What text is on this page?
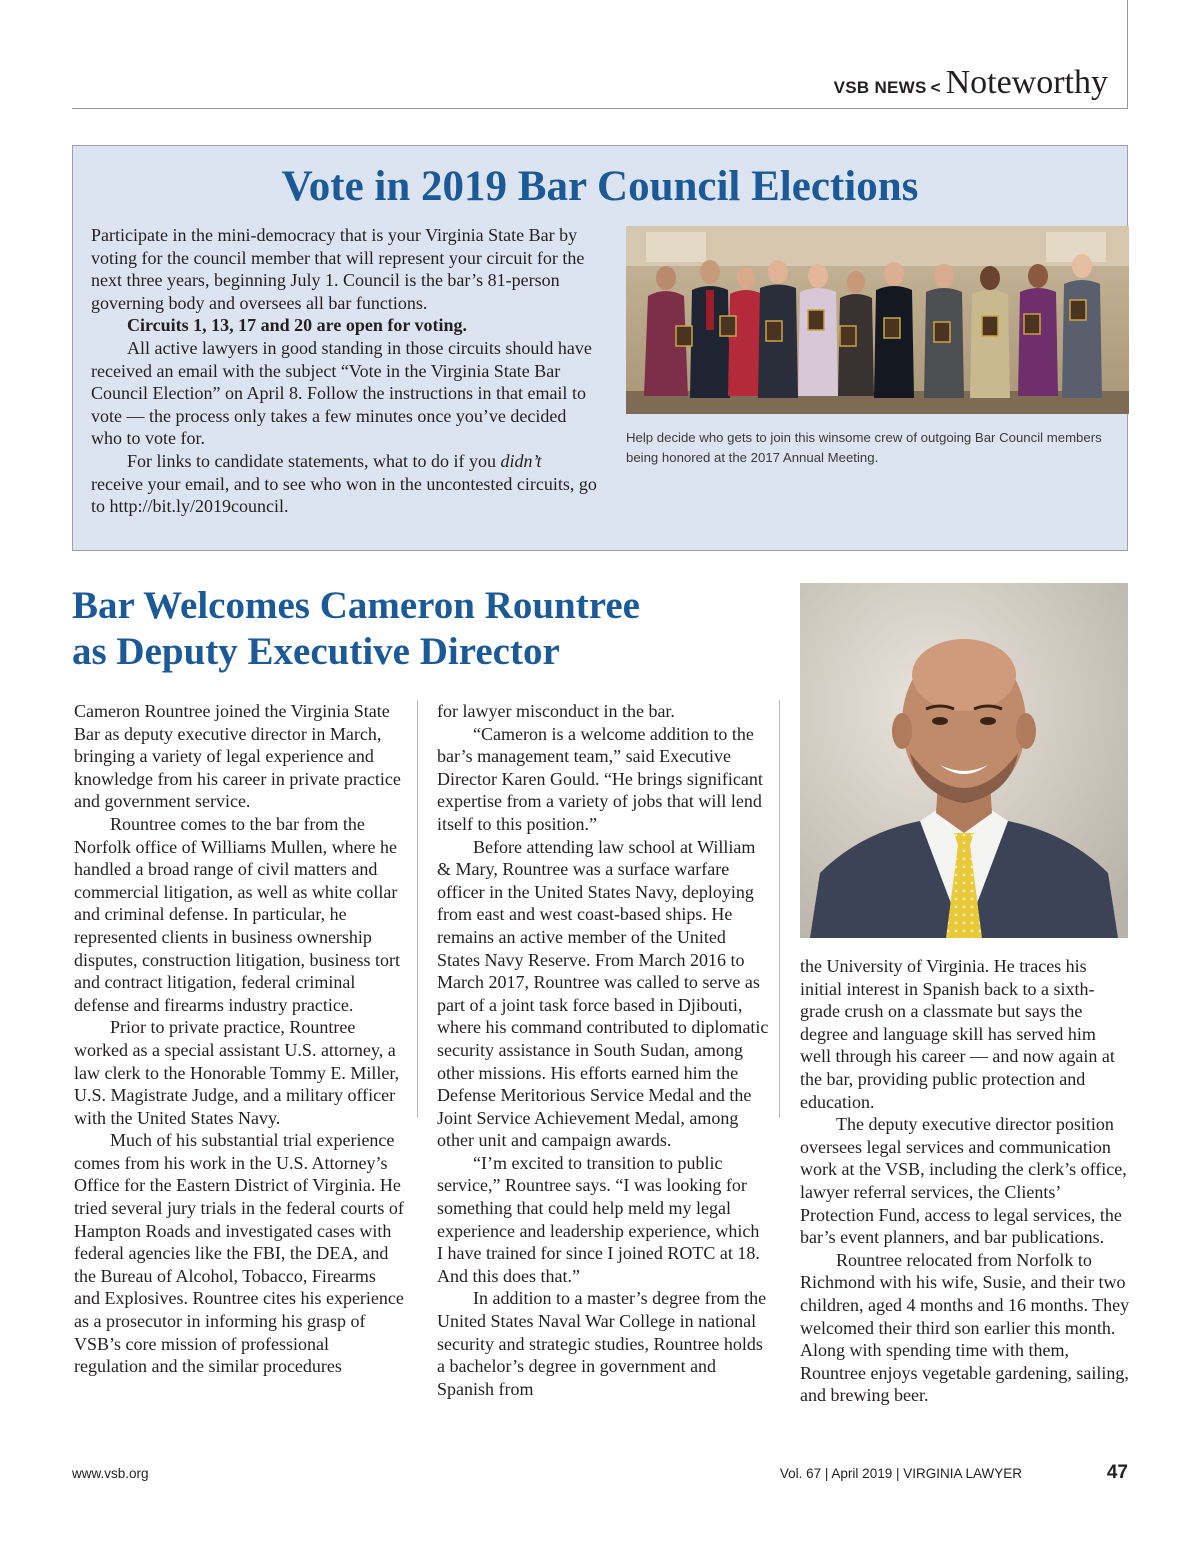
VSB NEWS < Noteworthy
Vote in 2019 Bar Council Elections

Participate in the mini-democracy that is your Virginia State Bar by voting for the council member that will represent your circuit for the next three years, beginning July 1. Council is the bar’s 81-person governing body and oversees all bar functions.

Circuits 1, 13, 17 and 20 are open for voting.

All active lawyers in good standing in those circuits should have received an email with the subject “Vote in the Virginia State Bar Council Election” on April 8. Follow the instructions in that email to vote — the process only takes a few minutes once you’ve decided who to vote for.

For links to candidate statements, what to do if you didn’t receive your email, and to see who won in the uncontested circuits, go to http://bit.ly/2019council.

Help decide who gets to join this winsome crew of outgoing Bar Council members being honored at the 2017 Annual Meeting.
Bar Welcomes Cameron Rountree
as Deputy Executive Director

Cameron Rountree joined the Virginia State Bar as deputy executive director in March, bringing a variety of legal experience and knowledge from his career in private practice and government service.

Rountree comes to the bar from the Norfolk office of Williams Mullen, where he handled a broad range of civil matters and commercial litigation, as well as white collar and criminal defense. In particular, he represented clients in business ownership disputes, construction litigation, business tort and contract litigation, federal criminal defense and firearms industry practice.

Prior to private practice, Rountree worked as a special assistant U.S. attorney, a law clerk to the Honorable Tommy E. Miller, U.S. Magistrate Judge, and a military officer with the United States Navy.

Much of his substantial trial experience comes from his work in the U.S. Attorney’s Office for the Eastern District of Virginia. He tried several jury trials in the federal courts of Hampton Roads and investigated cases with federal agencies like the FBI, the DEA, and the Bureau of Alcohol, Tobacco, Firearms and Explosives. Rountree cites his experience as a prosecutor in informing his grasp of VSB’s core mission of professional regulation and the similar procedures

for lawyer misconduct in the bar.

“Cameron is a welcome addition to the bar’s management team,” said Executive Director Karen Gould. “He brings significant expertise from a variety of jobs that will lend itself to this position.”

Before attending law school at William & Mary, Rountree was a surface warfare officer in the United States Navy, deploying from east and west coast-based ships. He remains an active member of the United States Navy Reserve. From March 2016 to March 2017, Rountree was called to serve as part of a joint task force based in Djibouti, where his command contributed to diplomatic security assistance in South Sudan, among other missions. His efforts earned him the Defense Meritorious Service Medal and the Joint Service Achievement Medal, among other unit and campaign awards.

“I’m excited to transition to public service,” Rountree says. “I was looking for something that could help meld my legal experience and leadership experience, which I have trained for since I joined ROTC at 18. And this does that.”

In addition to a master’s degree from the United States Naval War College in national security and strategic studies, Rountree holds a bachelor’s degree in government and Spanish from

the University of Virginia. He traces his initial interest in Spanish back to a sixth-grade crush on a classmate but says the degree and language skill has served him well through his career — and now again at the bar, providing public protection and education.

The deputy executive director position oversees legal services and communication work at the VSB, including the clerk’s office, lawyer referral services, the Clients’ Protection Fund, access to legal services, the bar’s event planners, and bar publications.

Rountree relocated from Norfolk to Richmond with his wife, Susie, and their two children, aged 4 months and 16 months. They welcomed their third son earlier this month. Along with spending time with them, Rountree enjoys vegetable gardening, sailing, and brewing beer.

www.vsb.org	Vol. 67 | April 2019 | VIRGINIA LAWYER	47
